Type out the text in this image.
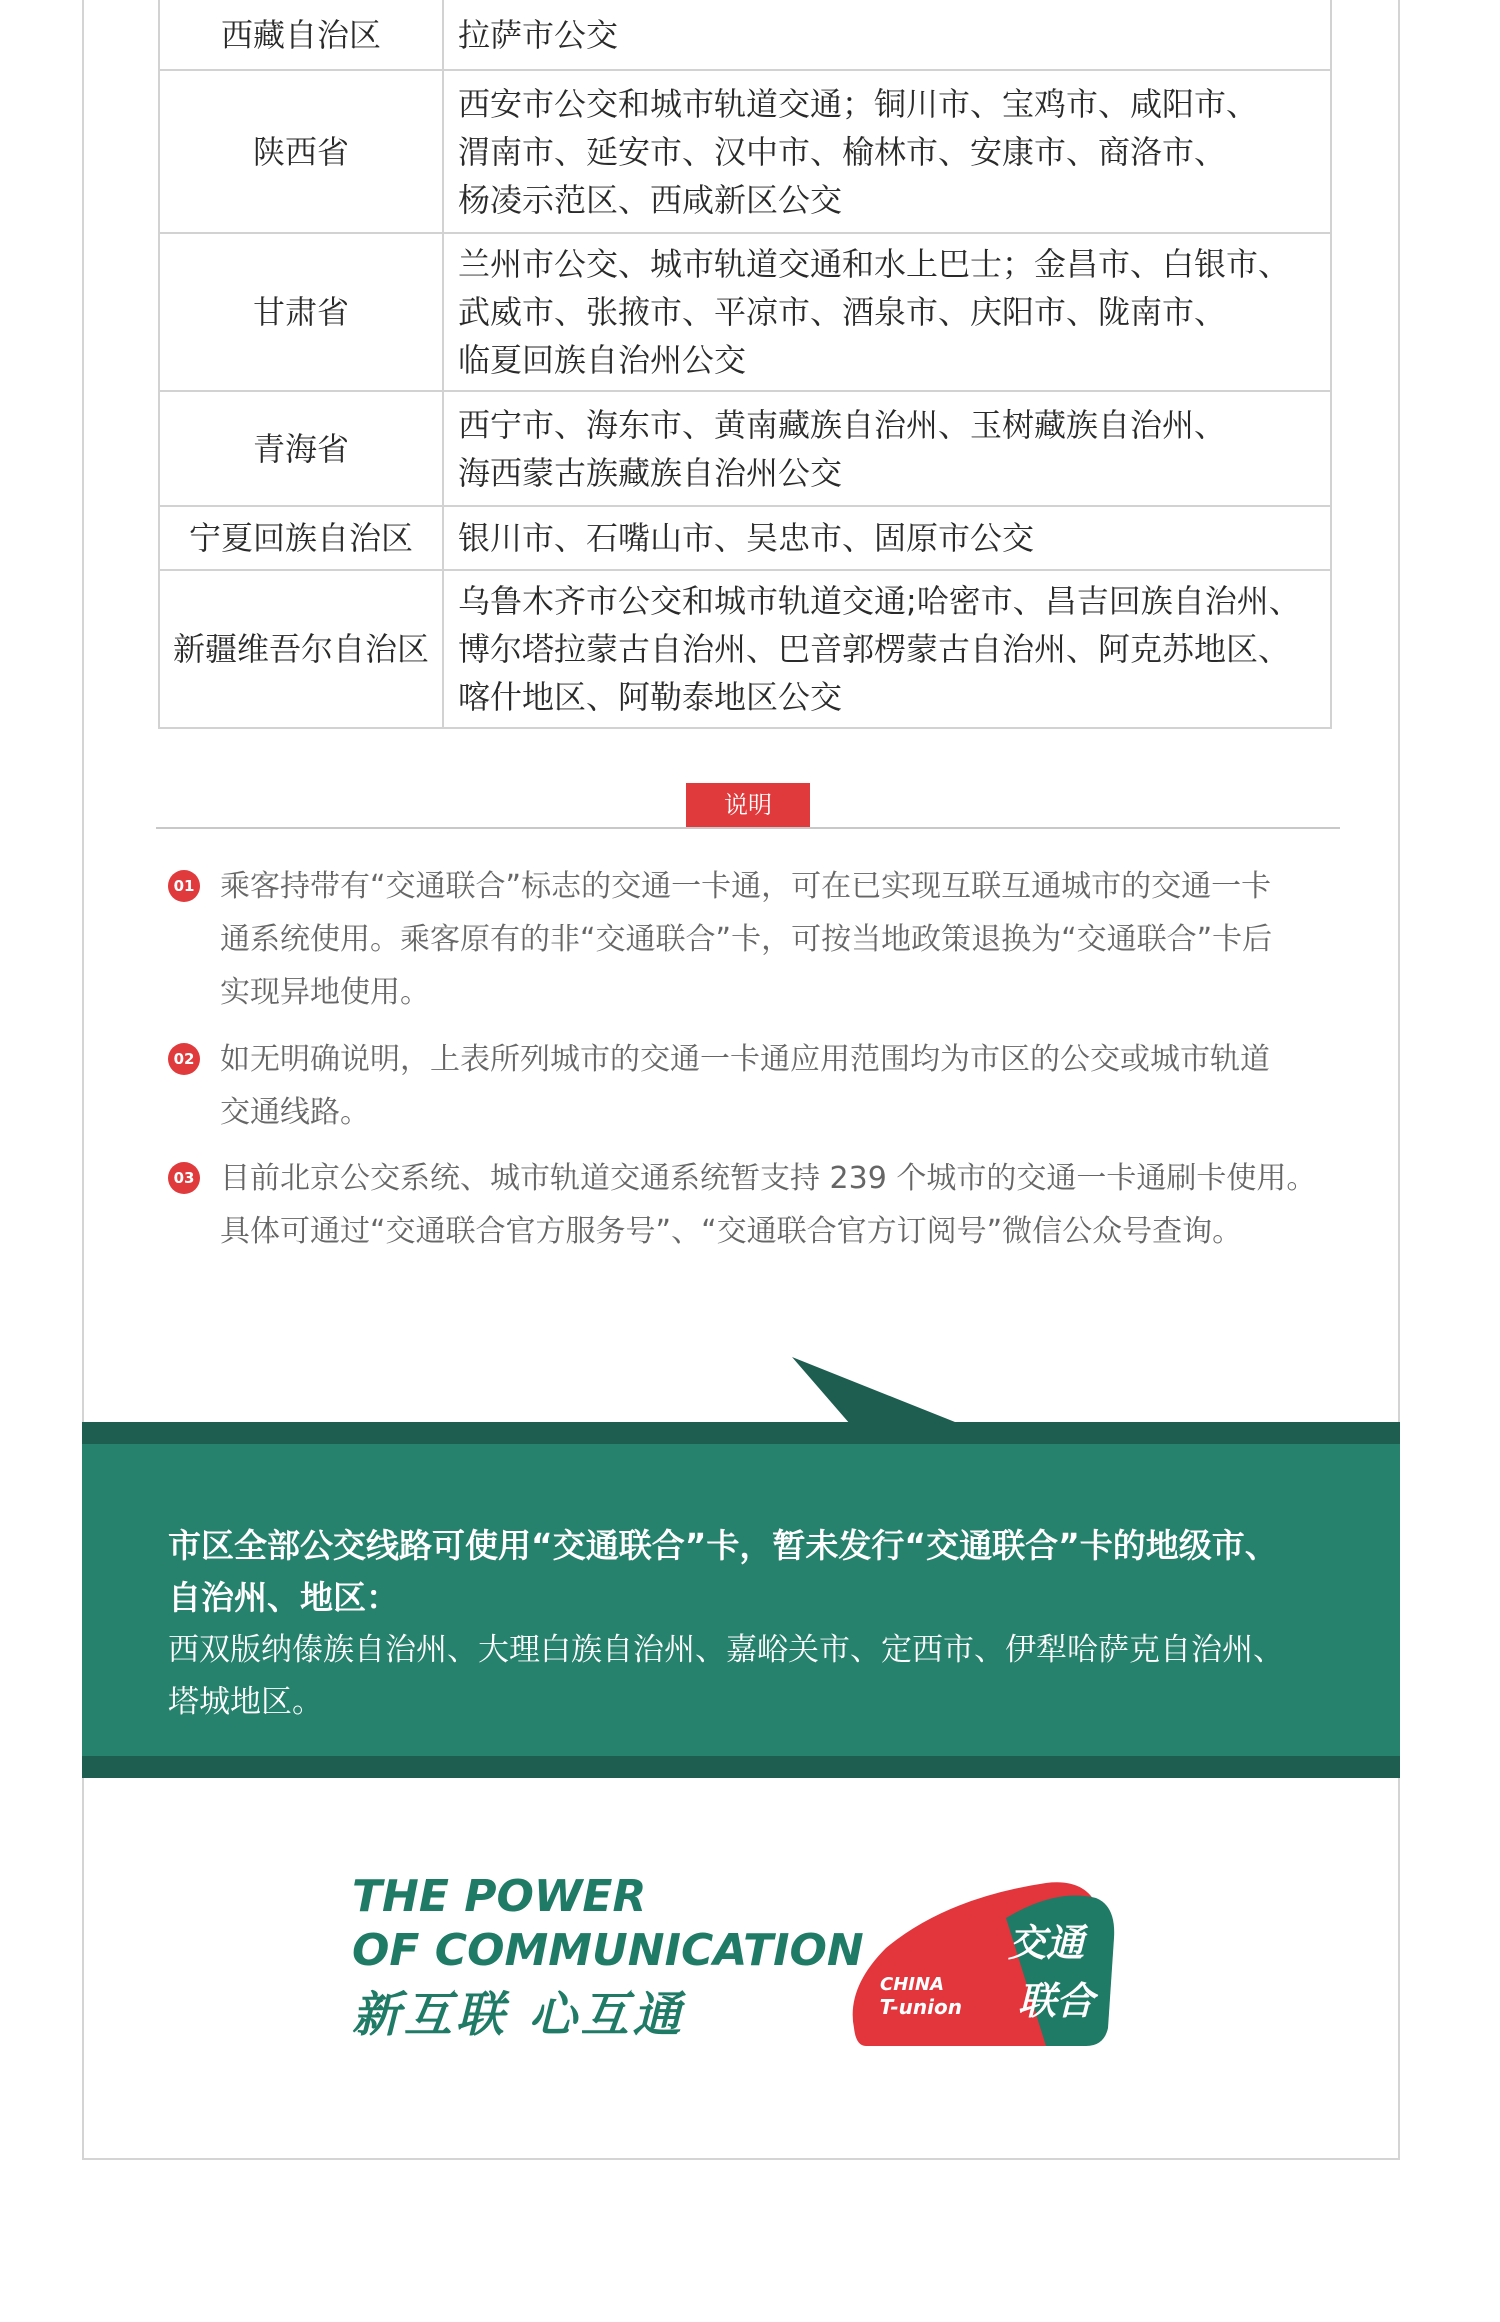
西藏自治区	拉萨市公交

陕西省	西安市公交和城市轨道交通；铜川市、宝鸡市、咸阳市、
渭南市、延安市、汉中市、榆林市、安康市、商洛市、
杨凌示范区、西咸新区公交

甘肃省	兰州市公交、城市轨道交通和水上巴士；金昌市、白银市、
武威市、张掖市、平凉市、酒泉市、庆阳市、陇南市、
临夏回族自治州公交

青海省	西宁市、海东市、黄南藏族自治州、玉树藏族自治州、
海西蒙古族藏族自治州公交

宁夏回族自治区	银川市、石嘴山市、吴忠市、固原市公交

新疆维吾尔自治区	乌鲁木齐市公交和城市轨道交通;哈密市、昌吉回族自治州、
博尔塔拉蒙古自治州、巴音郭楞蒙古自治州、阿克苏地区、
喀什地区、阿勒泰地区公交
说明
01 乘客持带有“交通联合”标志的交通一卡通，可在已实现互联互通城市的交通一卡
通系统使用。乘客原有的非“交通联合”卡，可按当地政策退换为“交通联合”卡后
实现异地使用。
02 如无明确说明，上表所列城市的交通一卡通应用范围均为市区的公交或城市轨道
交通线路。
03 目前北京公交系统、城市轨道交通系统暂支持 239 个城市的交通一卡通刷卡使用。
具体可通过“交通联合官方服务号”、“交通联合官方订阅号”微信公众号查询。
市区全部公交线路可使用“交通联合”卡，暂未发行“交通联合”卡的地级市、
自治州、地区：
西双版纳傣族自治州、大理白族自治州、嘉峪关市、定西市、伊犁哈萨克自治州、
塔城地区。
THE POWER
OF COMMUNICATION
新互联 心互通
交通
CHINA
T-union 联合
